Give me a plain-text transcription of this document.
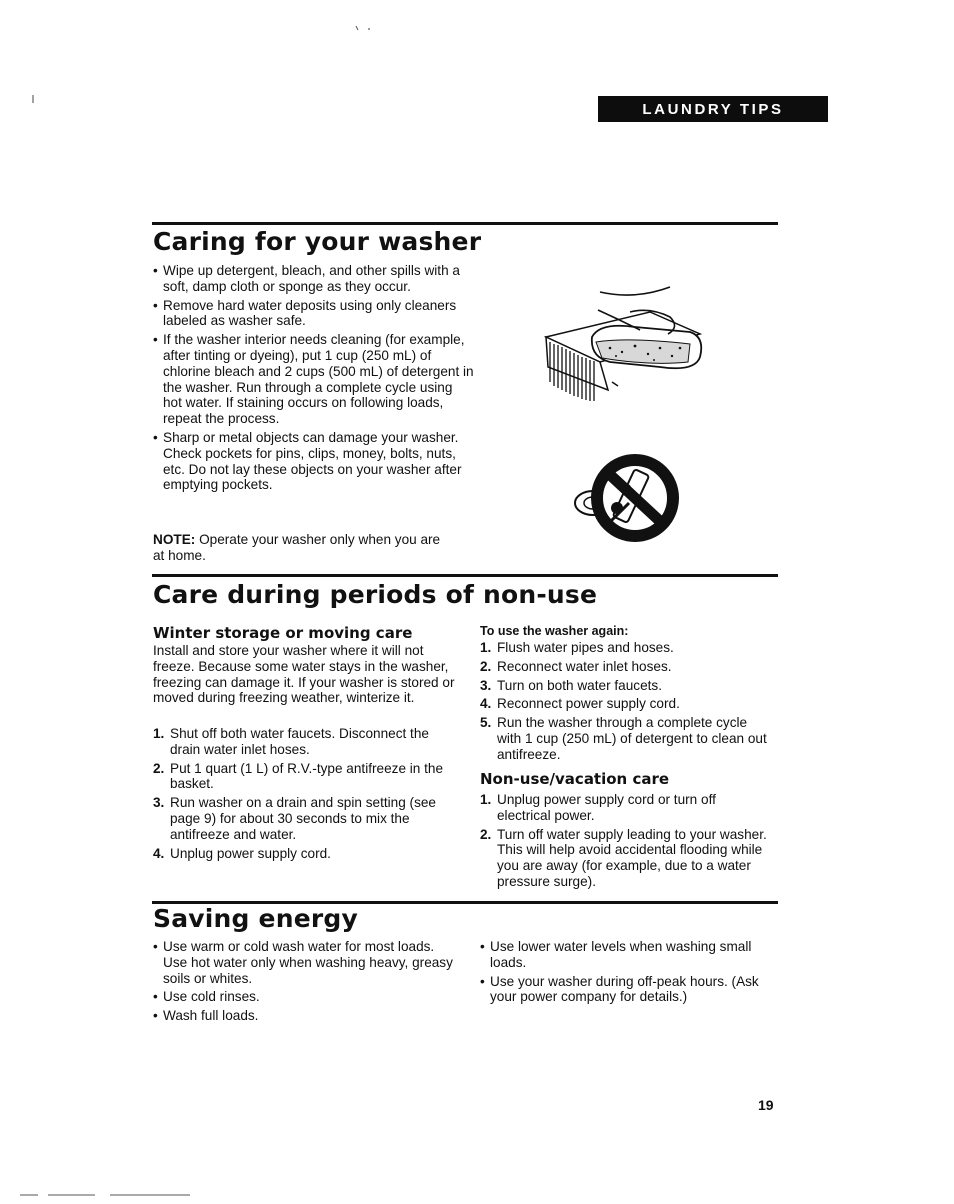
LAUNDRY TIPS
Caring for your washer
• Wipe up detergent, bleach, and other spills with a soft, damp cloth or sponge as they occur.
• Remove hard water deposits using only cleaners labeled as washer safe.
• If the washer interior needs cleaning (for example, after tinting or dyeing), put 1 cup (250 mL) of chlorine bleach and 2 cups (500 mL) of detergent in the washer. Run through a complete cycle using hot water. If staining occurs on following loads, repeat the process.
• Sharp or metal objects can damage your washer. Check pockets for pins, clips, money, bolts, nuts, etc. Do not lay these objects on your washer after emptying pockets.

NOTE: Operate your washer only when you are at home.

Care during periods of non-use
Winter storage or moving care

Install and store your washer where it will not freeze. Because some water stays in the washer, freezing can damage it. If your washer is stored or moved during freezing weather, winterize it.

1. Shut off both water faucets. Disconnect the drain water inlet hoses.
2. Put 1 quart (1 L) of R.V.-type antifreeze in the basket.
3. Run washer on a drain and spin setting (see page 9) for about 30 seconds to mix the antifreeze and water.
4. Unplug power supply cord.
To use the washer again:
1. Flush water pipes and hoses.
2. Reconnect water inlet hoses.
3. Turn on both water faucets.
4. Reconnect power supply cord.
5. Run the washer through a complete cycle with 1 cup (250 mL) of detergent to clean out antifreeze.
Non-use/vacation care
1. Unplug power supply cord or turn off electrical power.
2. Turn off water supply leading to your washer. This will help avoid accidental flooding while you are away (for example, due to a water pressure surge).
Saving energy
• Use warm or cold wash water for most loads. Use hot water only when washing heavy, greasy soils or whites.
• Use cold rinses.
• Wash full loads.
• Use lower water levels when washing small loads.
• Use your washer during off-peak hours. (Ask your power company for details.)
19
